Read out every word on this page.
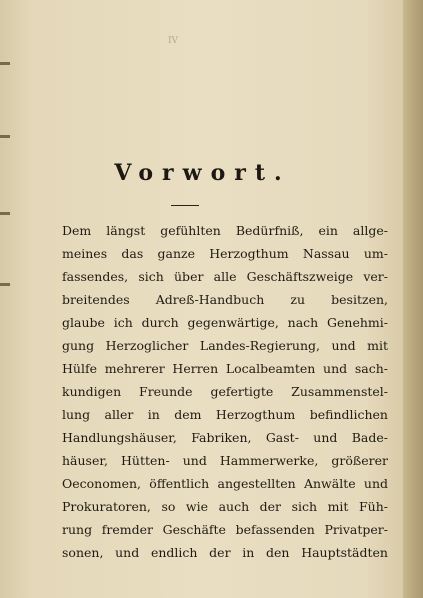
IV
Vorwort.
Dem längst gefühlten Bedürfniß, ein allge-
meines das ganze Herzogthum Nassau um-
fassendes, sich über alle Geschäftszweige ver-
breitendes Adreß-Handbuch zu besitzen,
glaube ich durch gegenwärtige, nach Genehmi-
gung Herzoglicher Landes-Regierung, und mit
Hülfe mehrerer Herren Localbeamten und sach-
kundigen Freunde gefertigte Zusammenstel-
lung aller in dem Herzogthum befindlichen
Handlungshäuser, Fabriken, Gast- und Bade-
häuser, Hütten- und Hammerwerke, größerer
Oeconomen, öffentlich angestellten Anwälte und
Prokuratoren, so wie auch der sich mit Füh-
rung fremder Geschäfte befassenden Privatper-
sonen, und endlich der in den Hauptstädten
